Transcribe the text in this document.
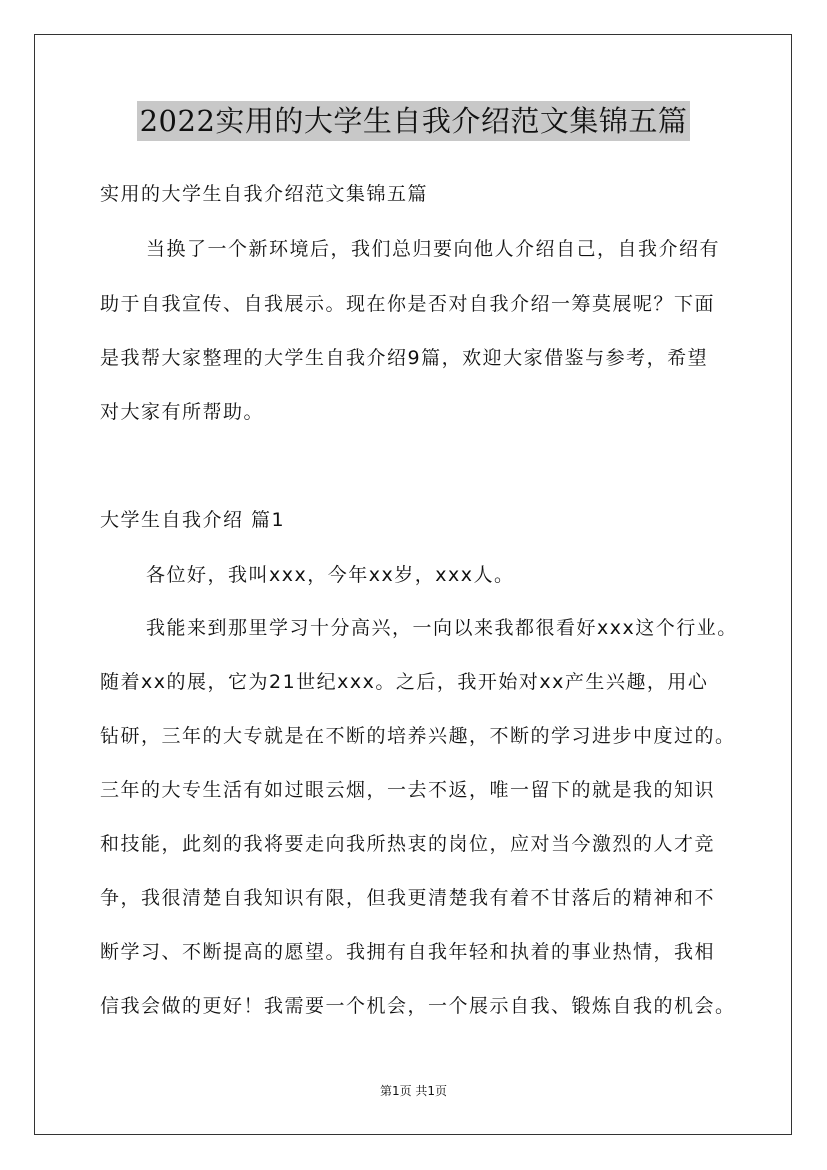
2022实用的大学生自我介绍范文集锦五篇
实用的大学生自我介绍范文集锦五篇
当换了一个新环境后，我们总归要向他人介绍自己，自我介绍有
助于自我宣传、自我展示。现在你是否对自我介绍一筹莫展呢？下面
是我帮大家整理的大学生自我介绍9篇，欢迎大家借鉴与参考，希望
对大家有所帮助。
大学生自我介绍 篇1
各位好，我叫xxx，今年xx岁，xxx人。
我能来到那里学习十分高兴，一向以来我都很看好xxx这个行业。
随着xx的展，它为21世纪xxx。之后，我开始对xx产生兴趣，用心
钻研，三年的大专就是在不断的培养兴趣，不断的学习进步中度过的。
三年的大专生活有如过眼云烟，一去不返，唯一留下的就是我的知识
和技能，此刻的我将要走向我所热衷的岗位，应对当今激烈的人才竞
争，我很清楚自我知识有限，但我更清楚我有着不甘落后的精神和不
断学习、不断提高的愿望。我拥有自我年轻和执着的事业热情，我相
信我会做的更好！我需要一个机会，一个展示自我、锻炼自我的机会。
第1页 共1页
